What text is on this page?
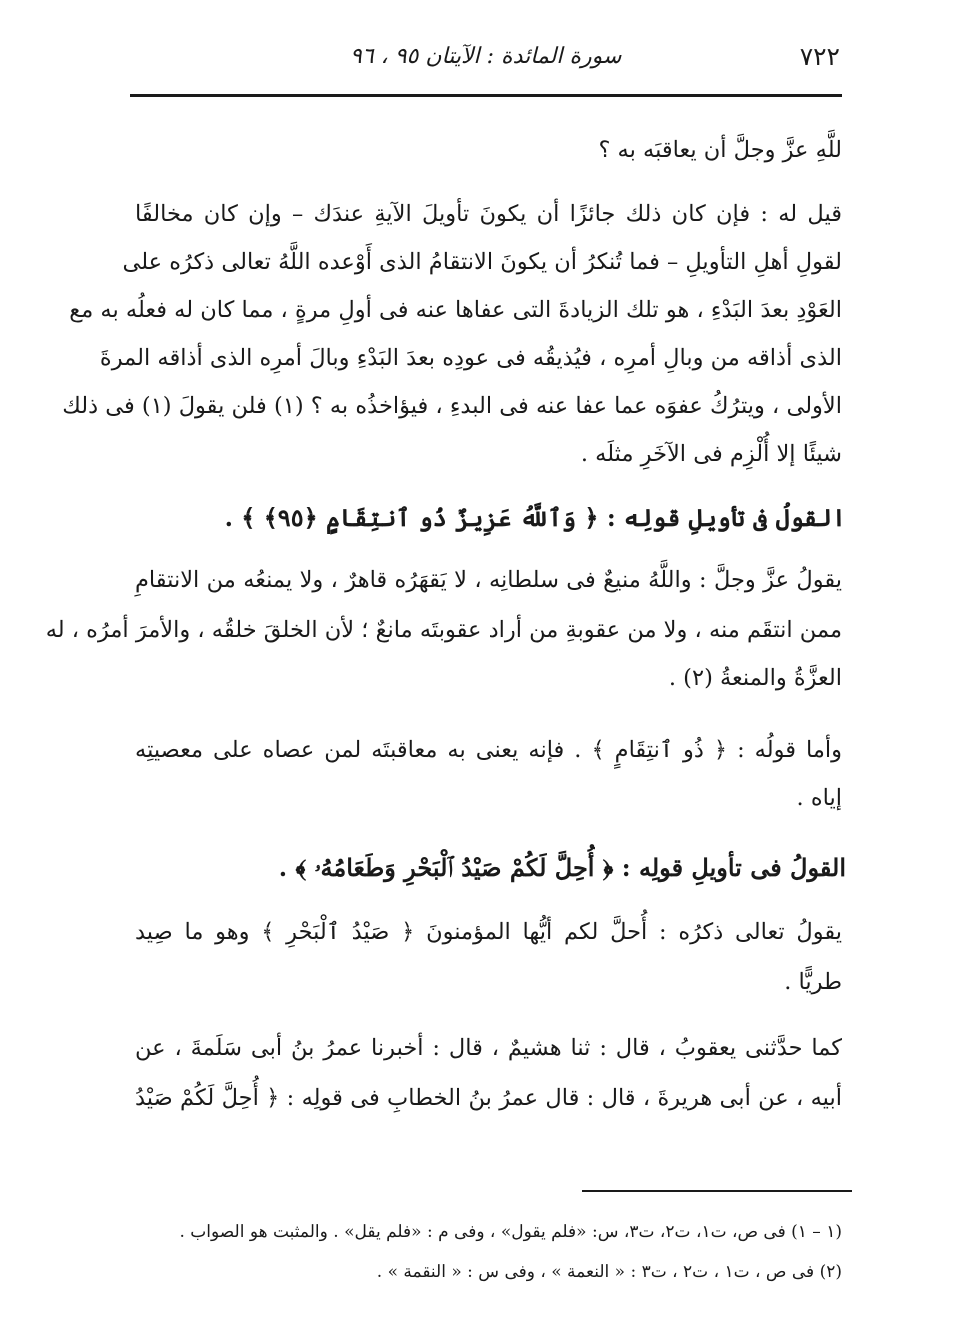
٧٢٢
سورة المائدة : الآيتان ٩٥ ، ٩٦
للَّهِ عزَّ وجلَّ أن يعاقبَه به ؟
قيل له : فإن كان ذلك جائزًا أن يكونَ تأويلَ الآيةِ عندَك – وإن كان مخالفًا
لقولِ أهلِ التأويلِ – فما تُنكرُ أن يكونَ الانتقامُ الذى أَوْعده اللَّهُ تعالى ذكرُه على
العَوْدِ بعدَ البَدْءِ ، هو تلك الزيادةَ التى عفاها عنه فى أولِ مرةٍ ، مما كان له فعلُه به مع
الذى أذاقه من وبالِ أمرِه ، فيُذيقُه فى عودِه بعدَ البَدْءِ وبالَ أمرِه الذى أذاقه المرةَ
الأولى ، ويترُكُ عفوَه عما عفا عنه فى البدءِ ، فيؤاخذُه به ؟ (١) فلن يقولَ (١) فى ذلك
شيئًا إلا أُلْزِم فى الآخَرِ مثلَه .
القولُ فى تأويلِ قولِه : ﴿ وَٱللَّهُ عَزِيزٌ ذُو ٱنتِقَامٍ ﴿٩٥﴾ ﴾ .
يقولُ عزَّ وجلَّ : واللَّهُ منيعٌ فى سلطانِه ، لا يَقهَرُه قاهرٌ ، ولا يمنعُه من الانتقامِ
ممن انتقَم منه ، ولا من عقوبةِ من أراد عقوبتَه مانعٌ ؛ لأن الخلقَ خلقُه ، والأمرَ أمرُه ، له
العزَّةُ والمنعةُ (٢) .
وأما قولُه : ﴿ ذُو ٱنتِقَامٍ ﴾ . فإنه يعنى به معاقبتَه لمن عصاه على معصيتِه
إياه .
القولُ فى تأويلِ قولِه : ﴿ أُحِلَّ لَكُمْ صَيْدُ ٱلْبَحْرِ وَطَعَامُهُۥ ﴾ .
يقولُ تعالى ذكرُه : أُحلَّ لكم أيُّها المؤمنونَ ﴿ صَيْدُ ٱلْبَحْرِ ﴾ وهو ما صِيد
طريًّا .
كما حدَّثنى يعقوبُ ، قال : ثنا هشيمٌ ، قال : أخبرنا عمرُ بنُ أبى سَلَمةَ ، عن
أبيه ، عن أبى هريرةَ ، قال : قال عمرُ بنُ الخطابِ فى قولِه : ﴿ أُحِلَّ لَكُمْ صَيْدُ
(١ – ١) فى ص، ت١، ت٢، ت٣، س: «فلم يقول» ، وفى م : «فلم يقل» . والمثبت هو الصواب .
(٢) فى ص ، ت١ ، ت٢ ، ت٣ : « النعمة » ، وفى س : « النقمة » .
